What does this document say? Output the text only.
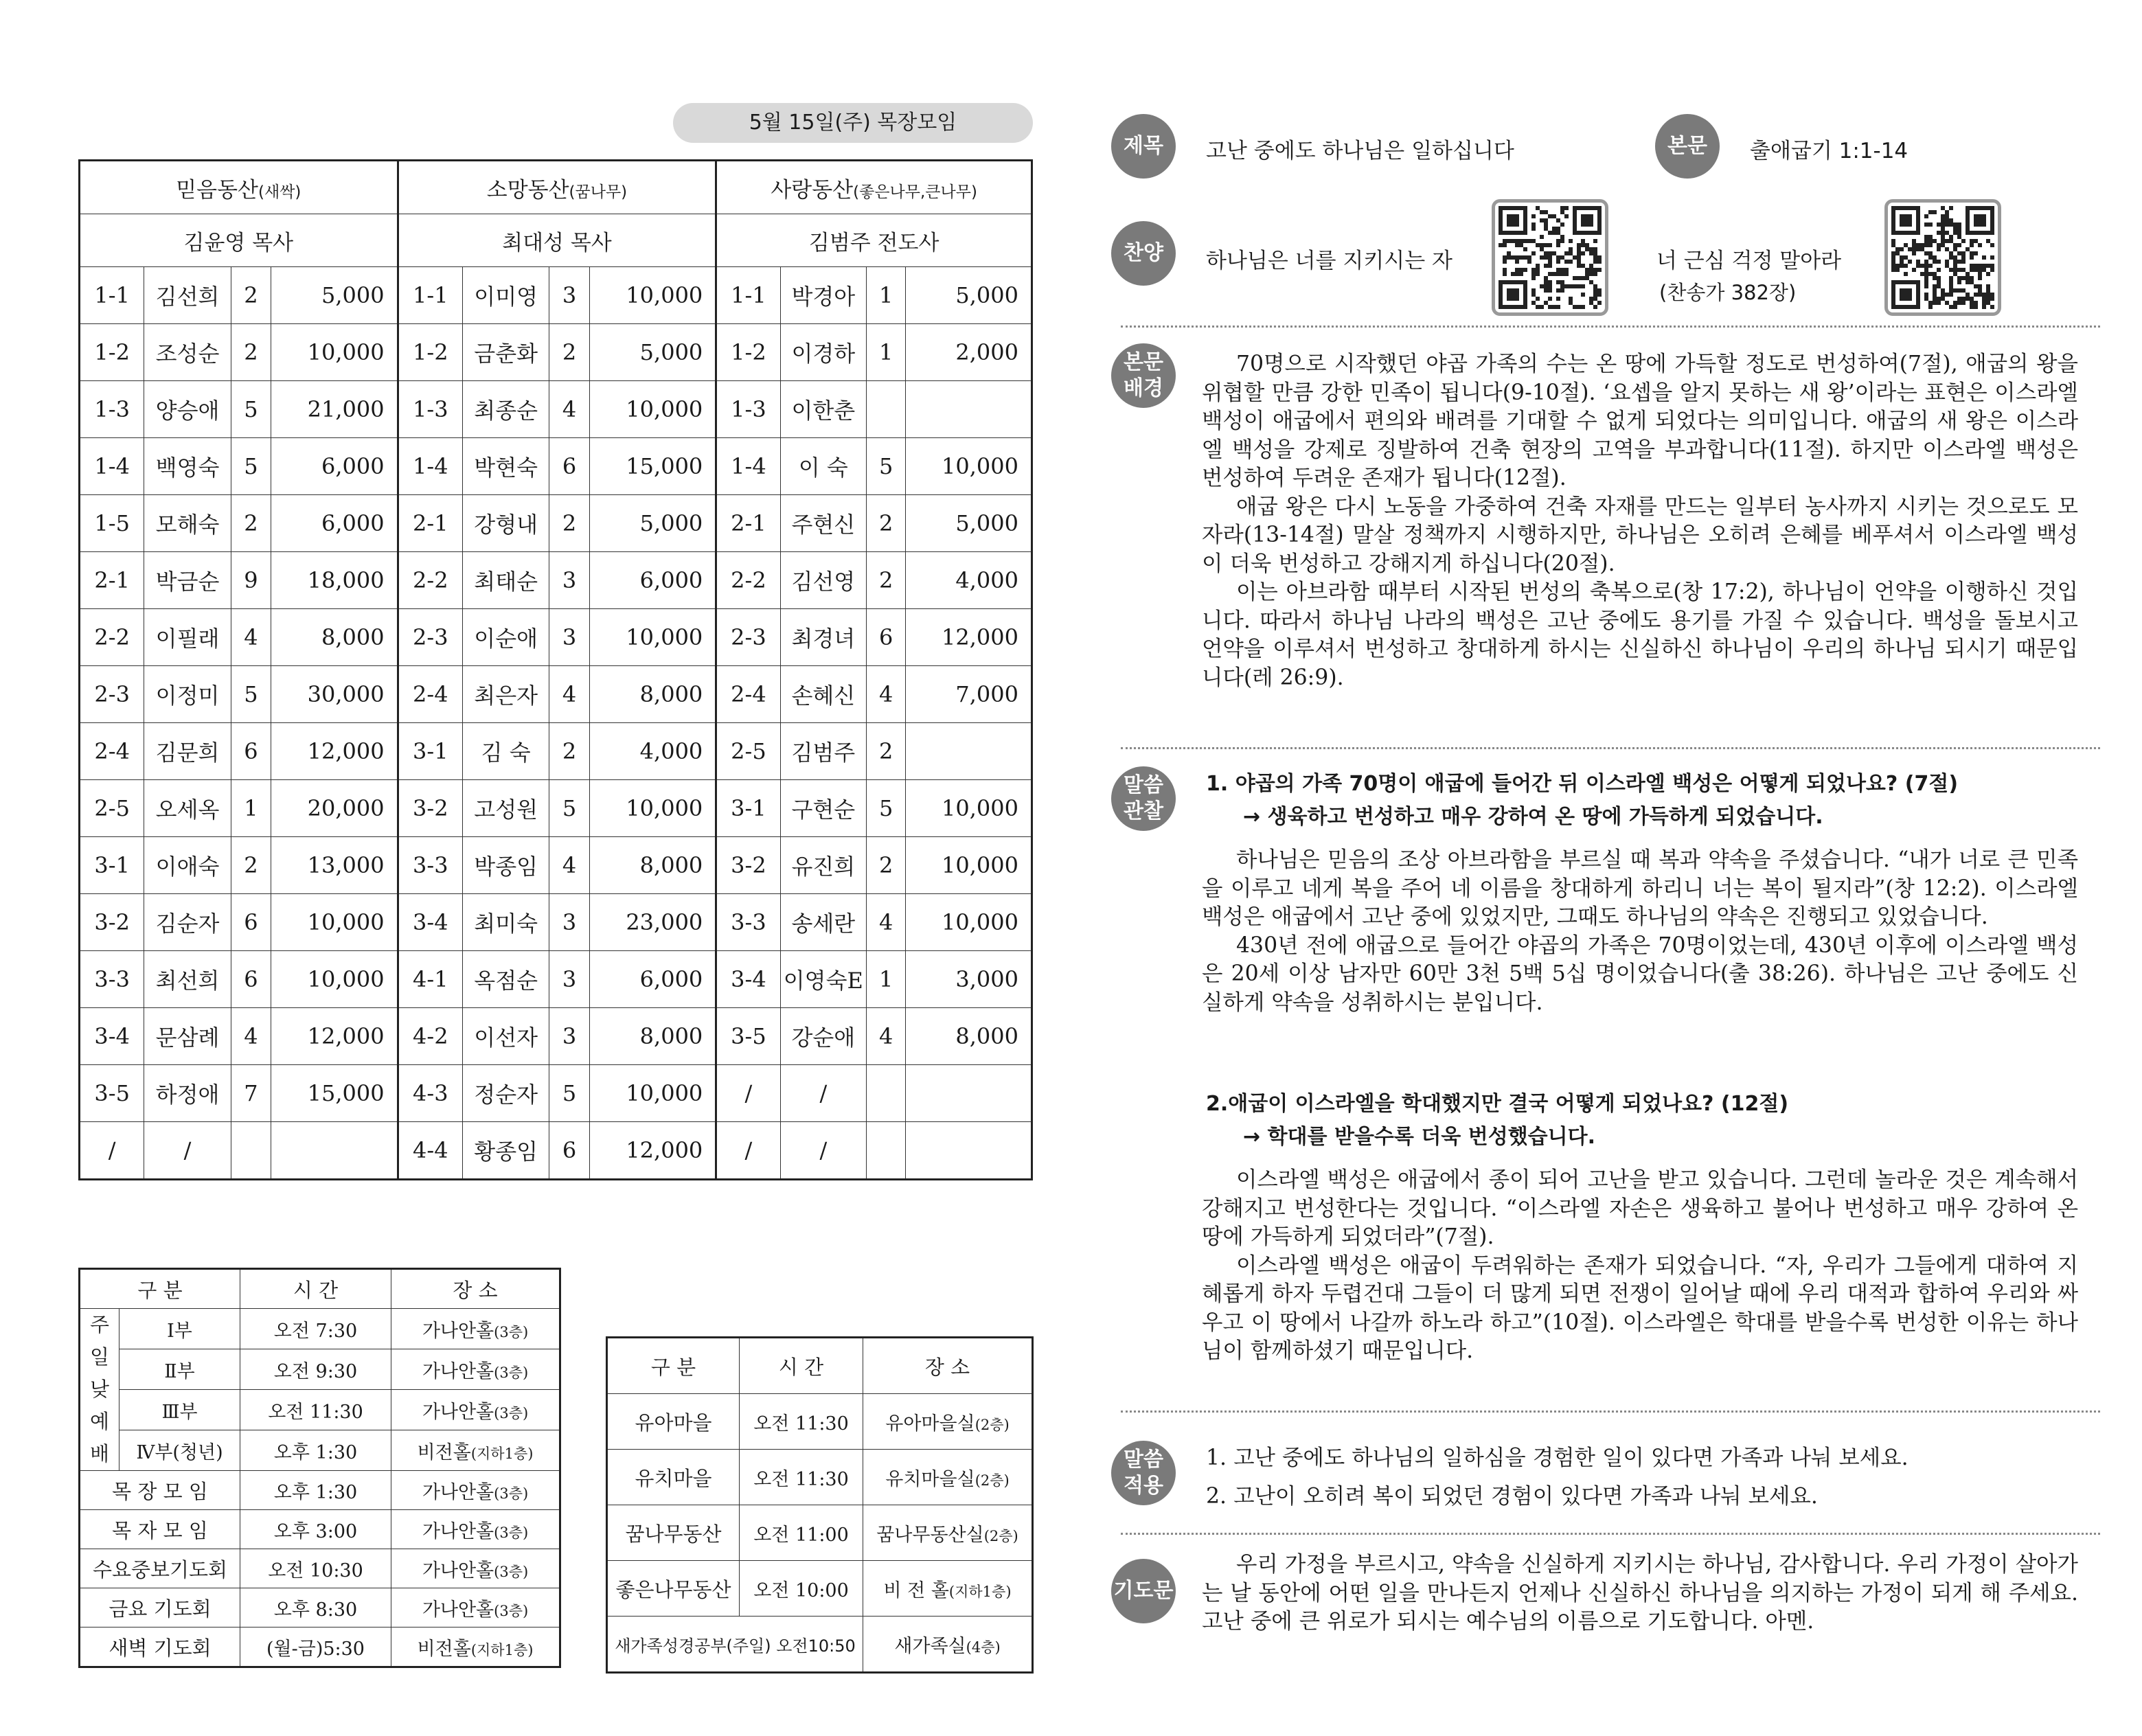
5월 15일(주) 목장모임
믿음동산(새싹)				소망동산(꿈나무)				사랑동산(좋은나무,큰나무)			
김윤영 목사				최대성 목사				김범주 전도사			
1-1	김선희	2	5,000	1-1	이미영	3	10,000	1-1	박경아	1	5,000
1-2	조성순	2	10,000	1-2	금춘화	2	5,000	1-2	이경하	1	2,000
1-3	양승애	5	21,000	1-3	최종순	4	10,000	1-3	이한춘		
1-4	백영숙	5	6,000	1-4	박현숙	6	15,000	1-4	이 숙	5	10,000
1-5	모해숙	2	6,000	2-1	강형내	2	5,000	2-1	주현신	2	5,000
2-1	박금순	9	18,000	2-2	최태순	3	6,000	2-2	김선영	2	4,000
2-2	이필래	4	8,000	2-3	이순애	3	10,000	2-3	최경녀	6	12,000
2-3	이정미	5	30,000	2-4	최은자	4	8,000	2-4	손혜신	4	7,000
2-4	김문희	6	12,000	3-1	김 숙	2	4,000	2-5	김범주	2	
2-5	오세옥	1	20,000	3-2	고성원	5	10,000	3-1	구현순	5	10,000
3-1	이애숙	2	13,000	3-3	박종임	4	8,000	3-2	유진희	2	10,000
3-2	김순자	6	10,000	3-4	최미숙	3	23,000	3-3	송세란	4	10,000
3-3	최선희	6	10,000	4-1	옥점순	3	6,000	3-4	이영숙E	1	3,000
3-4	문삼례	4	12,000	4-2	이선자	3	8,000	3-5	강순애	4	8,000
3-5	하정애	7	15,000	4-3	정순자	5	10,000	/	/		
/	/			4-4	황종임	6	12,000	/	/		
구 분		시 간	장 소

주
일
낮
예
배	Ⅰ부	오전 7:30	가나안홀(3층)
	Ⅱ부	오전 9:30	가나안홀(3층)
	Ⅲ부	오전 11:30	가나안홀(3층)
	Ⅳ부(청년)	오후 1:30	비전홀(지하1층)
목 장 모 임		오후 1:30	가나안홀(3층)
목 자 모 임		오후 3:00	가나안홀(3층)
수요중보기도회		오전 10:30	가나안홀(3층)
금요 기도회		오후 8:30	가나안홀(3층)
새벽 기도회		(월-금)5:30	비전홀(지하1층)
구 분	시 간	장 소
유아마을	오전 11:30	유아마을실(2층)
유치마을	오전 11:30	유치마을실(2층)
꿈나무동산	오전 11:00	꿈나무동산실(2층)
좋은나무동산	오전 10:00	비 전 홀(지하1층)
새가족성경공부(주일) 오전10:50		새가족실(4층)
제목	고난 중에도 하나님은 일하십니다	본문	출애굽기 1:1-14
찬양	하나님은 너를 지키시는 자	너 근심 걱정 말아라
(찬송가 382장)
본문 배경

70명으로 시작했던 야곱 가족의 수는 온 땅에 가득할 정도로 번성하여(7절), 애굽의 왕을 위협할 만큼 강한 민족이 됩니다(9-10절). ‘요셉을 알지 못하는 새 왕’이라는 표현은 이스라엘 백성이 애굽에서 편의와 배려를 기대할 수 없게 되었다는 의미입니다. 애굽의 새 왕은 이스라엘 백성을 강제로 징발하여 건축 현장의 고역을 부과합니다(11절). 하지만 이스라엘 백성은 번성하여 두려운 존재가 됩니다(12절).

애굽 왕은 다시 노동을 가중하여 건축 자재를 만드는 일부터 농사까지 시키는 것으로도 모자라(13-14절) 말살 정책까지 시행하지만, 하나님은 오히려 은혜를 베푸셔서 이스라엘 백성이 더욱 번성하고 강해지게 하십니다(20절).

이는 아브라함 때부터 시작된 번성의 축복으로(창 17:2), 하나님이 언약을 이행하신 것입니다. 따라서 하나님 나라의 백성은 고난 중에도 용기를 가질 수 있습니다. 백성을 돌보시고 언약을 이루셔서 번성하고 창대하게 하시는 신실하신 하나님이 우리의 하나님 되시기 때문입니다(레 26:9).

말씀 관찰
1. 야곱의 가족 70명이 애굽에 들어간 뒤 이스라엘 백성은 어떻게 되었나요? (7절)
→ 생육하고 번성하고 매우 강하여 온 땅에 가득하게 되었습니다.

하나님은 믿음의 조상 아브라함을 부르실 때 복과 약속을 주셨습니다. “내가 너로 큰 민족을 이루고 네게 복을 주어 네 이름을 창대하게 하리니 너는 복이 될지라”(창 12:2). 이스라엘 백성은 애굽에서 고난 중에 있었지만, 그때도 하나님의 약속은 진행되고 있었습니다.

430년 전에 애굽으로 들어간 야곱의 가족은 70명이었는데, 430년 이후에 이스라엘 백성은 20세 이상 남자만 60만 3천 5백 5십 명이었습니다(출 38:26). 하나님은 고난 중에도 신실하게 약속을 성취하시는 분입니다.

2.애굽이 이스라엘을 학대했지만 결국 어떻게 되었나요? (12절)
→ 학대를 받을수록 더욱 번성했습니다.

이스라엘 백성은 애굽에서 종이 되어 고난을 받고 있습니다. 그런데 놀라운 것은 계속해서 강해지고 번성한다는 것입니다. “이스라엘 자손은 생육하고 불어나 번성하고 매우 강하여 온 땅에 가득하게 되었더라”(7절).

이스라엘 백성은 애굽이 두려워하는 존재가 되었습니다. “자, 우리가 그들에게 대하여 지혜롭게 하자 두렵건대 그들이 더 많게 되면 전쟁이 일어날 때에 우리 대적과 합하여 우리와 싸우고 이 땅에서 나갈까 하노라 하고”(10절). 이스라엘은 학대를 받을수록 번성한 이유는 하나님이 함께하셨기 때문입니다.

말씀 적용
1. 고난 중에도 하나님의 일하심을 경험한 일이 있다면 가족과 나눠 보세요.
2. 고난이 오히려 복이 되었던 경험이 있다면 가족과 나눠 보세요.
기도문

우리 가정을 부르시고, 약속을 신실하게 지키시는 하나님, 감사합니다. 우리 가정이 살아가는 날 동안에 어떤 일을 만나든지 언제나 신실하신 하나님을 의지하는 가정이 되게 해 주세요. 고난 중에 큰 위로가 되시는 예수님의 이름으로 기도합니다. 아멘.
